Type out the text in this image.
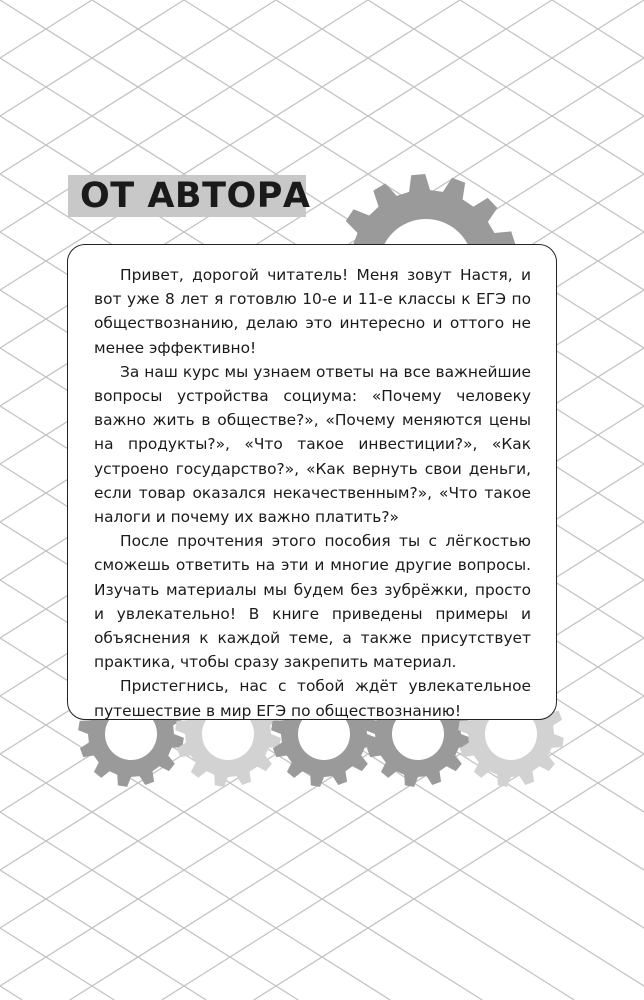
ОТ АВТОРА

Привет, дорогой читатель! Меня зовут Настя, и вот уже 8 лет я готовлю 10-е и 11-е классы к ЕГЭ по обществознанию, делаю это интересно и оттого не менее эффективно!

За наш курс мы узнаем ответы на все важнейшие вопросы устройства социума: «Почему человеку важно жить в обществе?», «Почему меняются цены на продукты?», «Что такое инвестиции?», «Как устроено государство?», «Как вернуть свои деньги, если товар оказался некачественным?», «Что такое налоги и почему их важно платить?»

После прочтения этого пособия ты с лёгкостью сможешь ответить на эти и многие другие вопросы. Изучать материалы мы будем без зубрёжки, просто и увлекательно! В книге приведены примеры и объяснения к каждой теме, а также присутствует практика, чтобы сразу закрепить материал.

Пристегнись, нас с тобой ждёт увлекательное путешествие в мир ЕГЭ по обществознанию!
